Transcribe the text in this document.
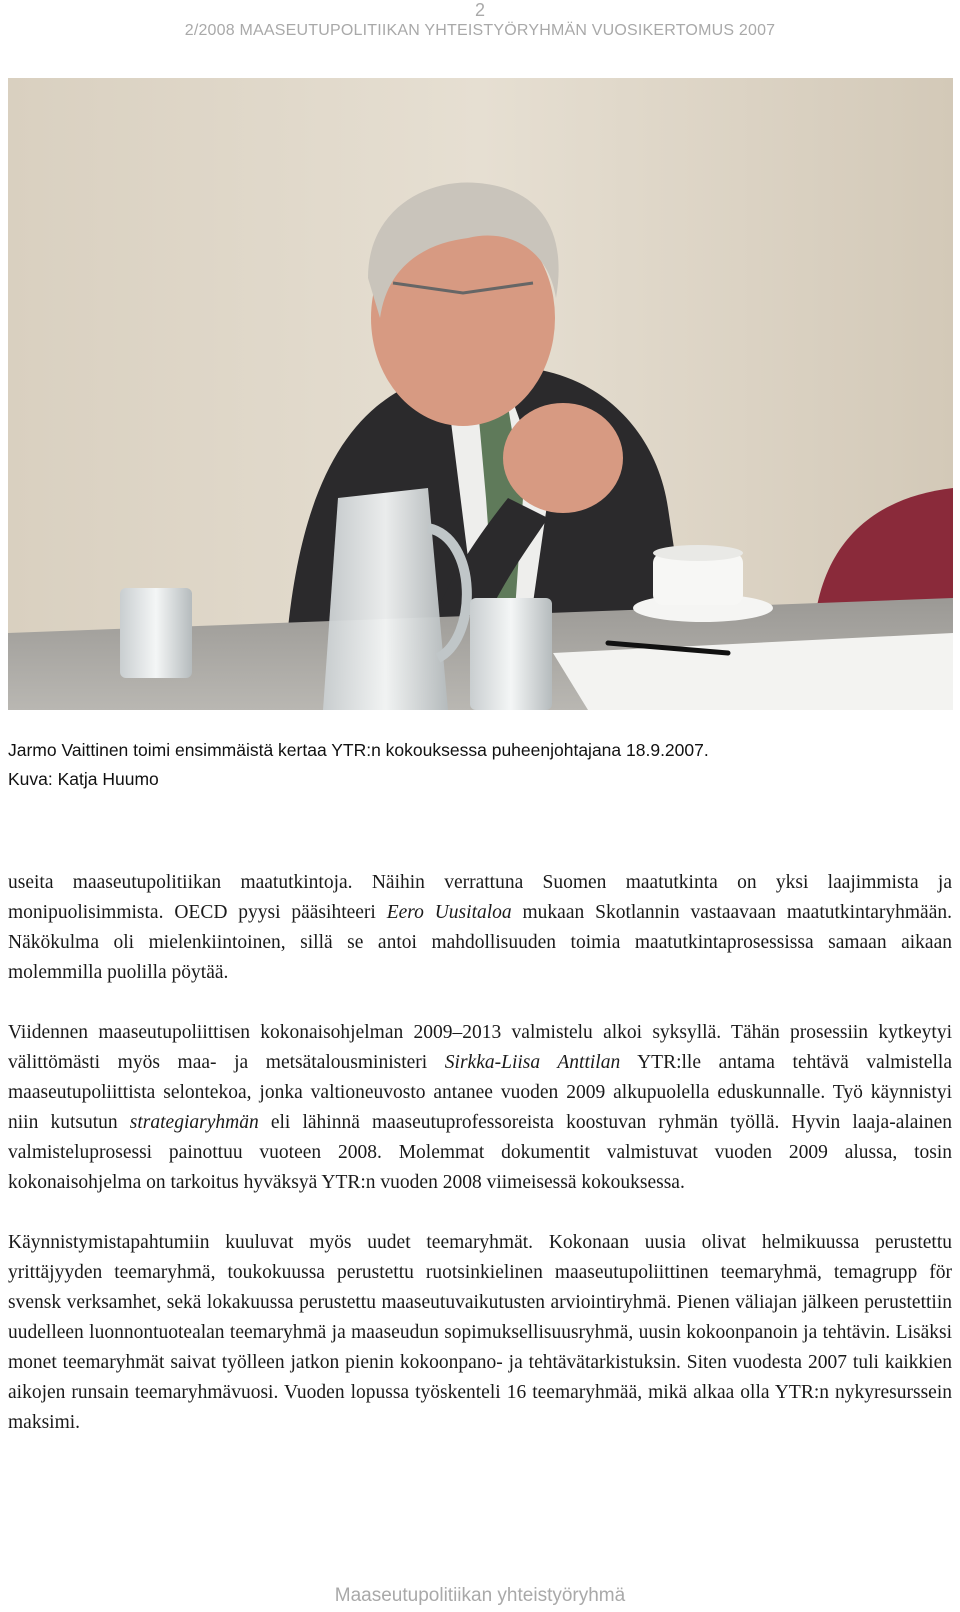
2
2/2008 MAASEUTUPOLITIIKAN YHTEISTYÖRYHMÄN VUOSIKERTOMUS 2007
Jarmo Vaittinen toimi ensimmäistä kertaa YTR:n kokouksessa puheenjohtajana 18.9.2007.
Kuva: Katja Huumo

useita maaseutupolitiikan maatutkintoja. Näihin verrattuna Suomen maatutkinta on yksi laajimmista ja monipuolisimmista. OECD pyysi pääsihteeri Eero Uusitaloa mukaan Skotlannin vastaavaan maatutkintaryhmään. Näkökulma oli mielenkiintoinen, sillä se antoi mahdollisuuden toimia maatutkintaprosessissa samaan aikaan molemmilla puolilla pöytää.

Viidennen maaseutupoliittisen kokonaisohjelman 2009–2013 valmistelu alkoi syksyllä. Tähän prosessiin kytkeytyi välittömästi myös maa- ja metsätalousministeri Sirkka-Liisa Anttilan YTR:lle antama tehtävä valmistella maaseutupoliittista selontekoa, jonka valtioneuvosto antanee vuoden 2009 alkupuolella eduskunnalle. Työ käynnistyi niin kutsutun strategiaryhmän eli lähinnä maaseutuprofessoreista koostuvan ryhmän työllä. Hyvin laaja-alainen valmisteluprosessi painottuu vuoteen 2008. Molemmat dokumentit valmistuvat vuoden 2009 alussa, tosin kokonaisohjelma on tarkoitus hyväksyä YTR:n vuoden 2008 viimeisessä kokouksessa.

Käynnistymistapahtumiin kuuluvat myös uudet teemaryhmät. Kokonaan uusia olivat helmikuussa perustettu yrittäjyyden teemaryhmä, toukokuussa perustettu ruotsinkielinen maaseutupoliittinen teemaryhmä, temagrupp för svensk verksamhet, sekä lokakuussa perustettu maaseutuvaikutusten arviointiryhmä. Pienen väliajan jälkeen perustettiin uudelleen luonnontuotealan teemaryhmä ja maaseudun sopimuksellisuusryhmä, uusin kokoonpanoin ja tehtävin. Lisäksi monet teemaryhmät saivat työlleen jatkon pienin kokoonpano- ja tehtävätarkistuksin. Siten vuodesta 2007 tuli kaikkien aikojen runsain teemaryhmävuosi. Vuoden lopussa työskenteli 16 teemaryhmää, mikä alkaa olla YTR:n nykyresurssein maksimi.

Maaseutupolitiikan yhteistyöryhmä
